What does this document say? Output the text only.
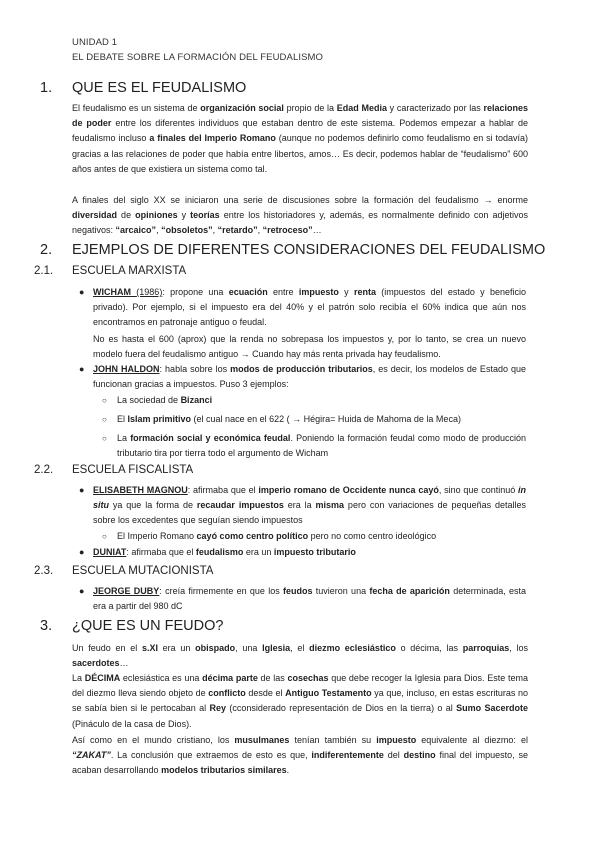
UNIDAD 1
EL DEBATE SOBRE LA FORMACIÓN DEL FEUDALISMO
1. QUE ES EL FEUDALISMO
El feudalismo es un sistema de organización social propio de la Edad Media y caracterizado por las relaciones de poder entre los diferentes individuos que estaban dentro de este sistema. Podemos empezar a hablar de feudalismo incluso a finales del Imperio Romano (aunque no podemos definirlo como feudalismo en si todavía) gracias a las relaciones de poder que había entre libertos, amos… Es decir, podemos hablar de “feudalismo” 600 años antes de que existiera un sistema como tal.
A finales del siglo XX se iniciaron una serie de discusiones sobre la formación del feudalismo → enorme diversidad de opiniones y teorías entre los historiadores y, además, es normalmente definido con adjetivos negativos: “arcaico”, “obsoletos”, “retardo”, “retroceso”…
2. EJEMPLOS DE DIFERENTES CONSIDERACIONES DEL FEUDALISMO
2.1. ESCUELA MARXISTA
● WICHAM (1986): propone una ecuación entre impuesto y renta (impuestos del estado y beneficio privado). Por ejemplo, si el impuesto era del 40% y el patrón solo recibía el 60% indica que aún nos encontramos en patronaje antiguo o feudal.
No es hasta el 600 (aprox) que la renda no sobrepasa los impuestos y, por lo tanto, se crea un nuevo modelo fuera del feudalismo antiguo → Cuando hay más renta privada hay feudalismo.
● JOHN HALDON: habla sobre los modos de producción tributarios, es decir, los modelos de Estado que funcionan gracias a impuestos. Puso 3 ejemplos:
○ La sociedad de Bizanci
○ El Islam primitivo (el cual nace en el 622 ( → Hégira= Huida de Mahoma de la Meca)
○ La formación social y económica feudal. Poniendo la formación feudal como modo de producción tributario tira por tierra todo el argumento de Wicham
2.2. ESCUELA FISCALISTA
● ELISABETH MAGNOU: afirmaba que el imperio romano de Occidente nunca cayó, sino que continuó in situ ya que la forma de recaudar impuestos era la misma pero con variaciones de pequeñas detalles sobre los excedentes que seguían siendo impuestos
○ El Imperio Romano cayó como centro político pero no como centro ideológico
● DUNIAT: afirmaba que el feudalismo era un impuesto tributario
2.3. ESCUELA MUTACIONISTA
● JEORGE DUBY: creía firmemente en que los feudos tuvieron una fecha de aparición determinada, esta era a partir del 980 dC
3. ¿QUE ES UN FEUDO?
Un feudo en el s.XI era un obispado, una Iglesia, el diezmo eclesiástico o décima, las parroquias, los sacerdotes…
La DÉCIMA eclesiástica es una décima parte de las cosechas que debe recoger la Iglesia para Dios. Este tema del diezmo lleva siendo objeto de conflicto desde el Antiguo Testamento ya que, incluso, en estas escrituras no se sabía bien si le pertocaban al Rey (cconsiderado representación de Dios en la tierra) o al Sumo Sacerdote (Pináculo de la casa de Dios).
Así como en el mundo cristiano, los musulmanes tenían también su impuesto equivalente al diezmo: el “ZAKAT”. La conclusión que extraemos de esto es que, indiferentemente del destino final del impuesto, se acaban desarrollando modelos tributarios similares.
